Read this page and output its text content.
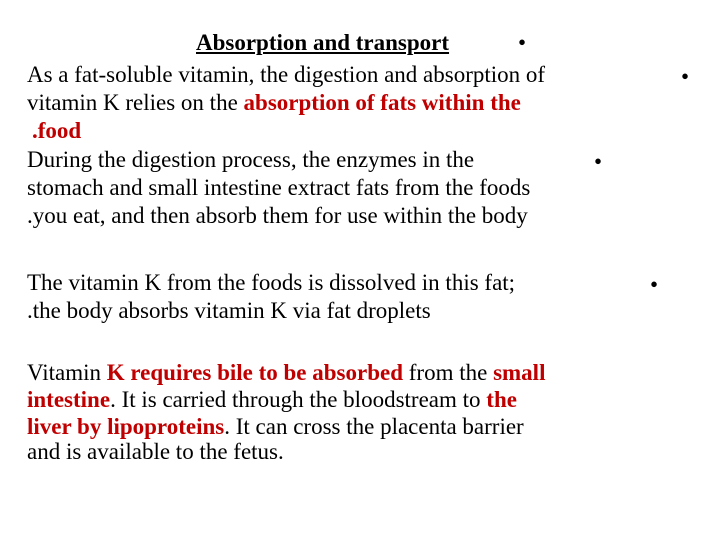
Absorption and transport	•
•
As a fat-soluble vitamin, the digestion and absorption of
vitamin K relies on the absorption of fats within the
.food
•
During the digestion process, the enzymes in the
stomach and small intestine extract fats from the foods
.you eat, and then absorb them for use within the body
•
The vitamin K from the foods is dissolved in this fat;
.the body absorbs vitamin K via fat droplets
Vitamin K requires bile to be absorbed from the small
intestine. It is carried through the bloodstream to the
liver by lipoproteins. It can cross the placenta barrier
and is available to the fetus.
